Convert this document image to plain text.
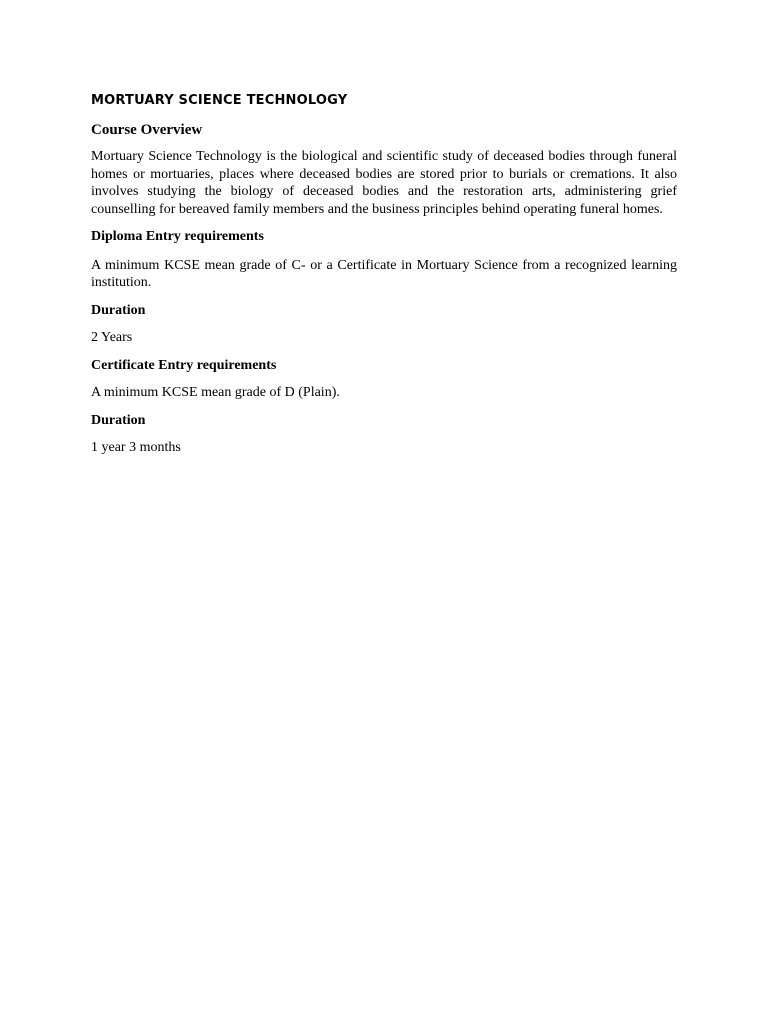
MORTUARY SCIENCE TECHNOLOGY
Course Overview

Mortuary Science Technology is the biological and scientific study of deceased bodies through funeral homes or mortuaries, places where deceased bodies are stored prior to burials or cremations. It also involves studying the biology of deceased bodies and the restoration arts, administering grief counselling for bereaved family members and the business principles behind operating funeral homes.

Diploma Entry requirements

A minimum KCSE mean grade of C- or a Certificate in Mortuary Science from a recognized learning institution.

Duration

2 Years

Certificate Entry requirements

A minimum KCSE mean grade of D (Plain).

Duration

1 year 3 months
